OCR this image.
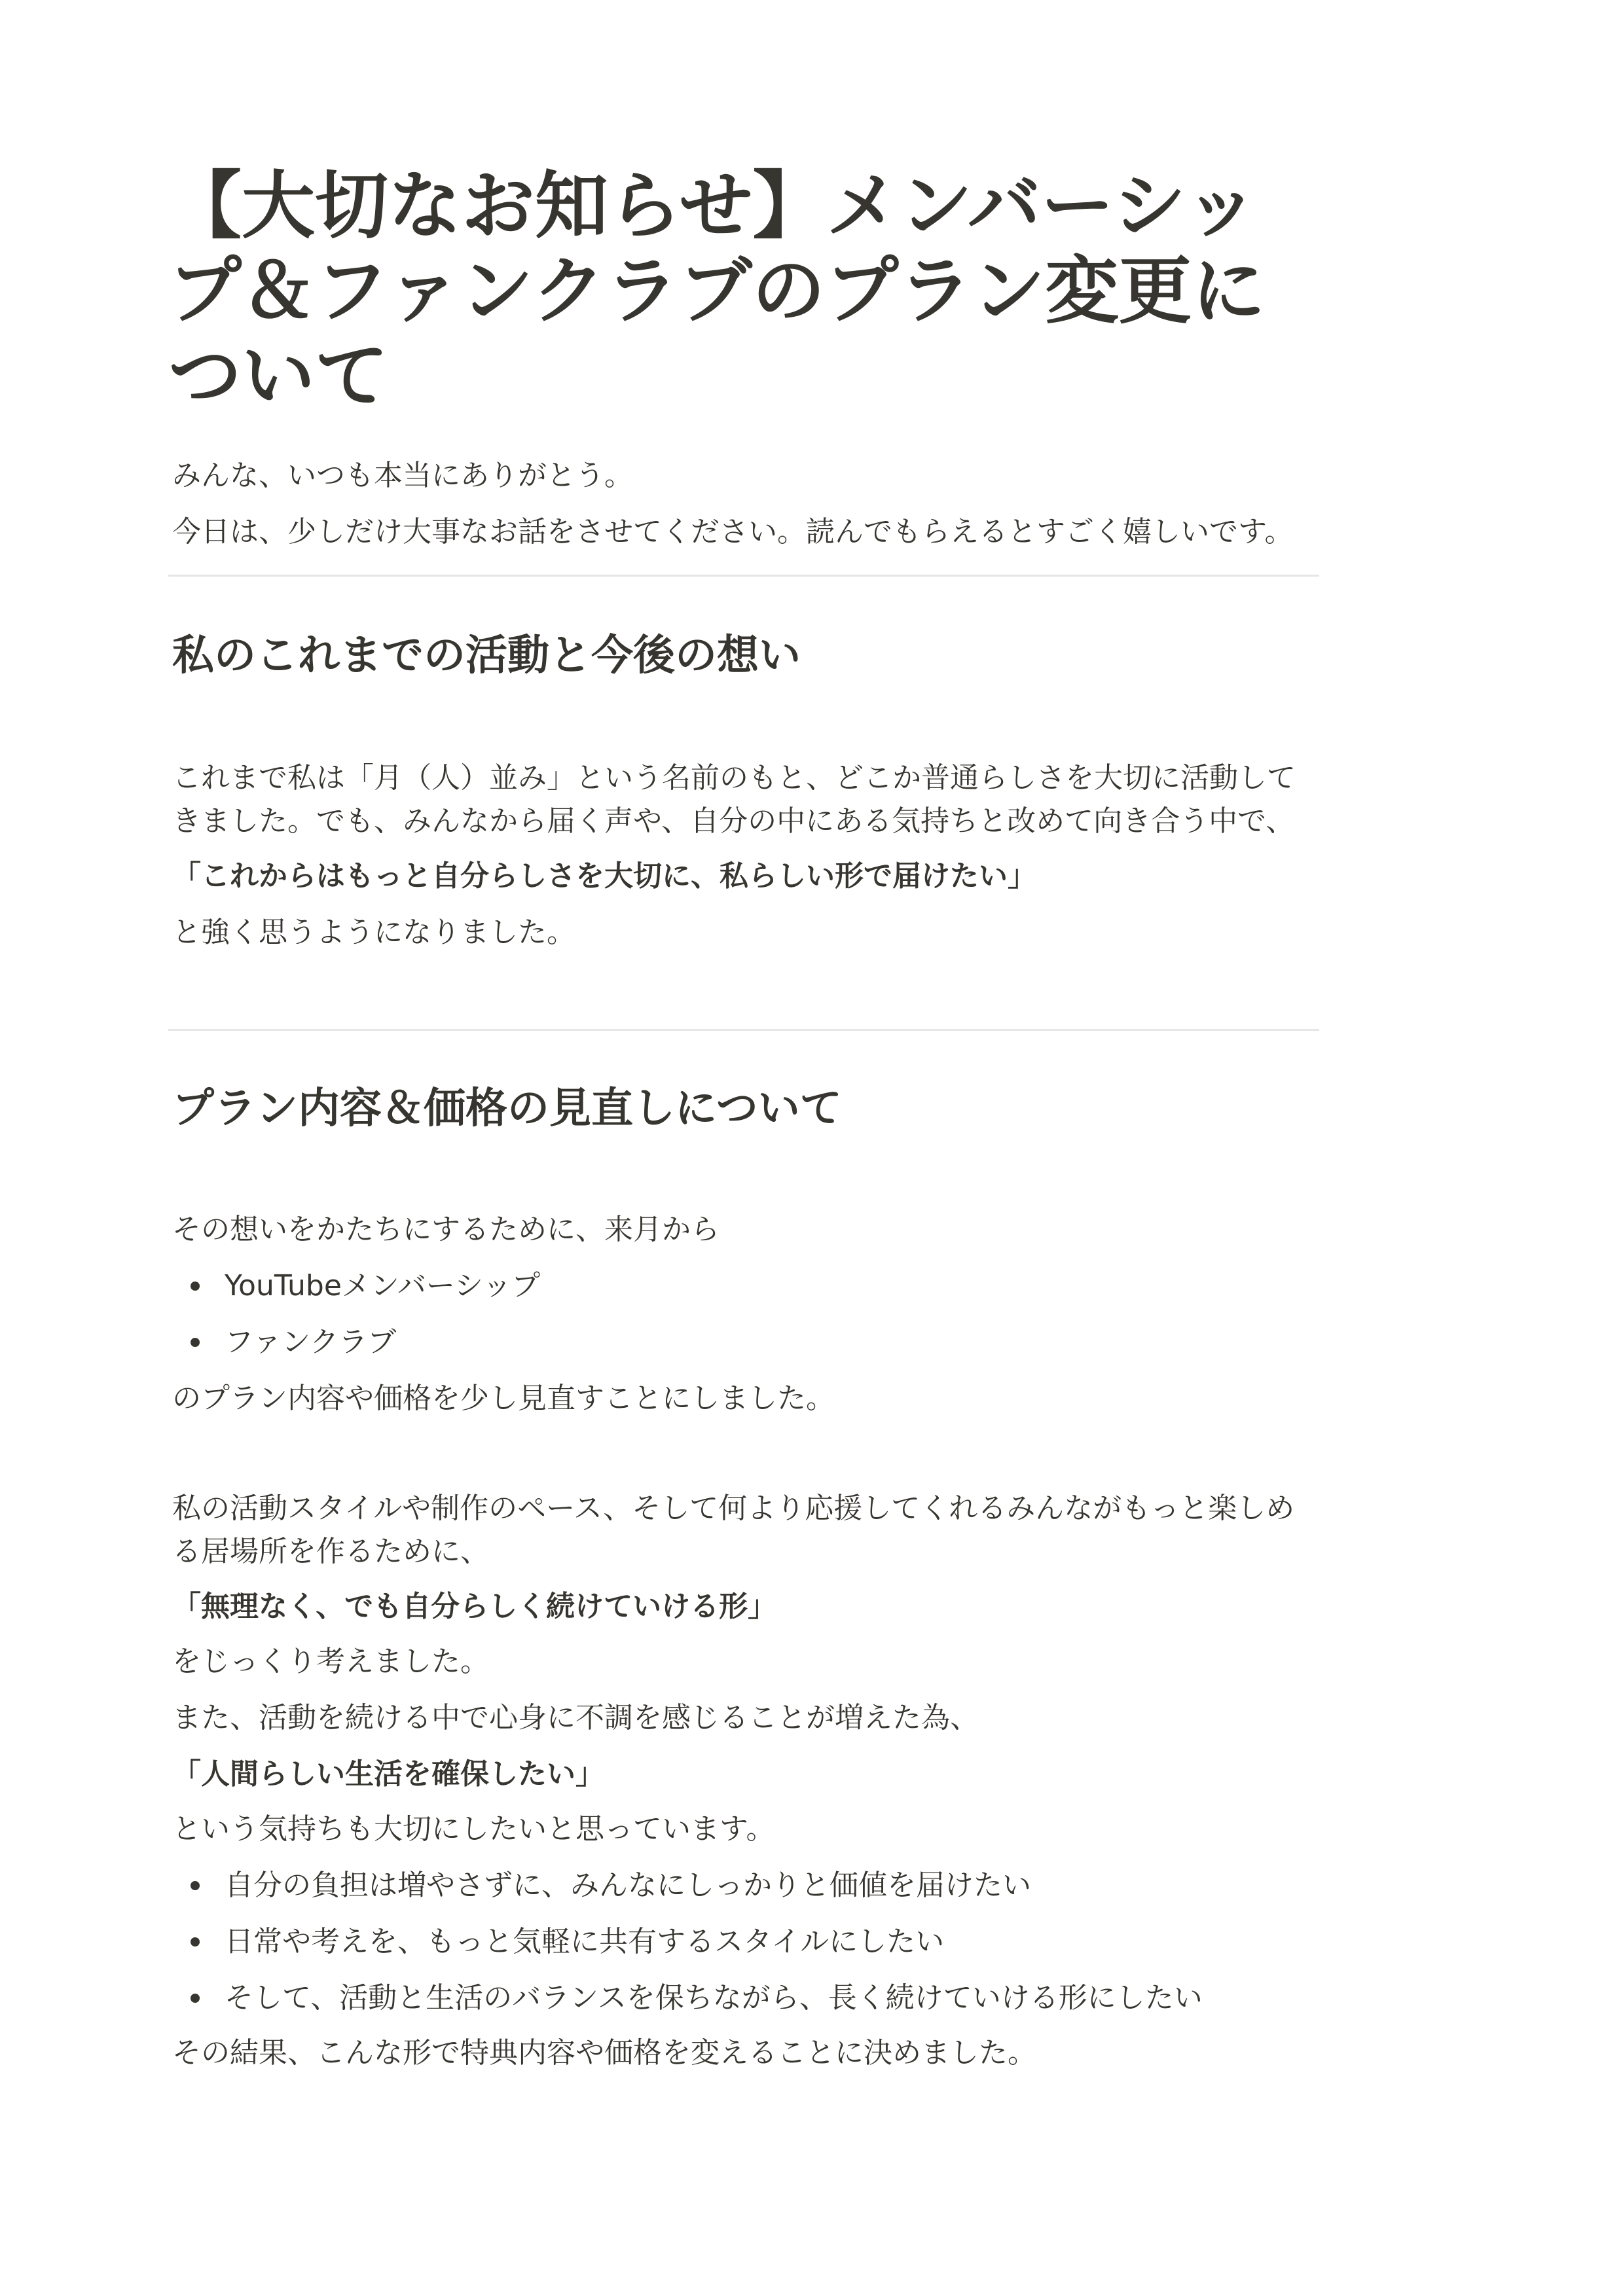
【大切なお知らせ】メンバーシップ＆ファンクラブのプラン変更について

みんな、いつも本当にありがとう。

今日は、少しだけ大事なお話をさせてください。読んでもらえるとすごく嬉しいです。

私のこれまでの活動と今後の想い

これまで私は「月（人）並み」という名前のもと、どこか普通らしさを大切に活動してきました。でも、みんなから届く声や、自分の中にある気持ちと改めて向き合う中で、

「これからはもっと自分らしさを大切に、私らしい形で届けたい」

と強く思うようになりました。

プラン内容＆価格の見直しについて

その想いをかたちにするために、来月から

YouTubeメンバーシップ
ファンクラブ

のプラン内容や価格を少し見直すことにしました。

私の活動スタイルや制作のペース、そして何より応援してくれるみんながもっと楽しめる居場所を作るために、

「無理なく、でも自分らしく続けていける形」

をじっくり考えました。

また、活動を続ける中で心身に不調を感じることが増えた為、

「人間らしい生活を確保したい」

という気持ちも大切にしたいと思っています。

自分の負担は増やさずに、みんなにしっかりと価値を届けたい
日常や考えを、もっと気軽に共有するスタイルにしたい
そして、活動と生活のバランスを保ちながら、長く続けていける形にしたい

その結果、こんな形で特典内容や価格を変えることに決めました。
